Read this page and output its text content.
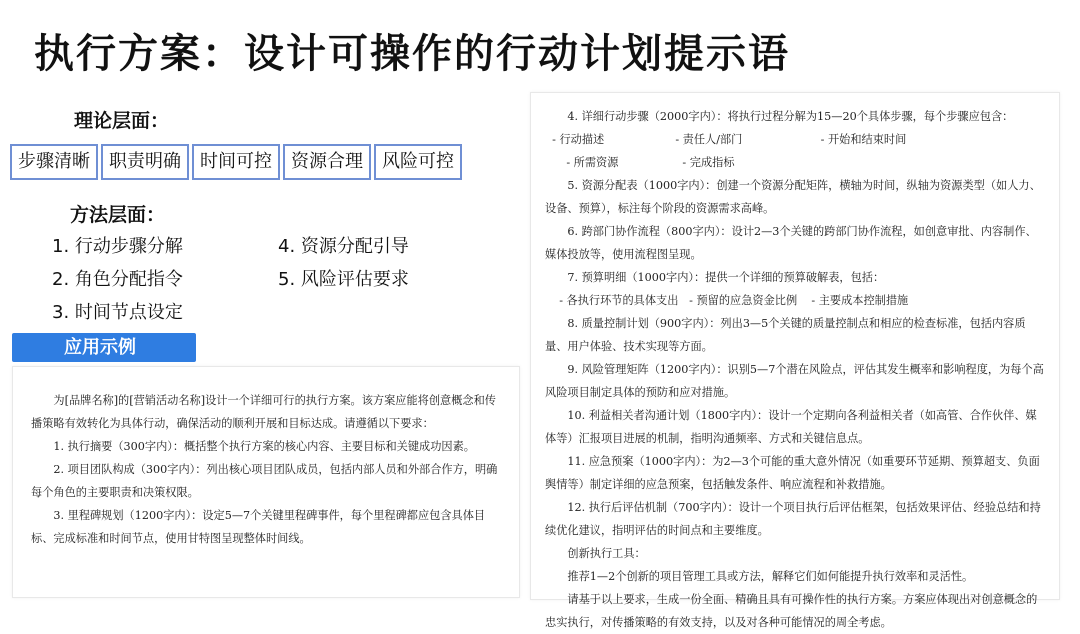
执行方案：设计可操作的行动计划提示语
理论层面：
步骤清晰	职责明确	时间可控	资源合理	风险可控
方法层面：
1. 行动步骤分解
2. 角色分配指令
3. 时间节点设定
4. 资源分配引导
5. 风险评估要求
应用示例

为[品牌名称]的[营销活动名称]设计一个详细可行的执行方案。该方案应能将创意概念和传播策略有效转化为具体行动，确保活动的顺利开展和目标达成。请遵循以下要求：

1. 执行摘要（300字内）：概括整个执行方案的核心内容、主要目标和关键成功因素。

2. 项目团队构成（300字内）：列出核心项目团队成员，包括内部人员和外部合作方，明确每个角色的主要职责和决策权限。

3. 里程碑规划（1200字内）：设定5—7个关键里程碑事件，每个里程碑都应包含具体目标、完成标准和时间节点，使用甘特图呈现整体时间线。

4. 详细行动步骤（2000字内）：将执行过程分解为15—20个具体步骤，每个步骤应包含：

- 行动描述                    - 责任人/部门                      - 开始和结束时间

- 所需资源                  - 完成指标

5. 资源分配表（1000字内）：创建一个资源分配矩阵，横轴为时间，纵轴为资源类型（如人力、设备、预算），标注每个阶段的资源需求高峰。

6. 跨部门协作流程（800字内）：设计2—3个关键的跨部门协作流程，如创意审批、内容制作、媒体投放等，使用流程图呈现。

7. 预算明细（1000字内）：提供一个详细的预算破解表，包括：

- 各执行环节的具体支出   - 预留的应急资金比例    - 主要成本控制措施

8. 质量控制计划（900字内）：列出3—5个关键的质量控制点和相应的检查标准，包括内容质量、用户体验、技术实现等方面。

9. 风险管理矩阵（1200字内）：识别5—7个潜在风险点，评估其发生概率和影响程度，为每个高风险项目制定具体的预防和应对措施。

10. 利益相关者沟通计划（1800字内）：设计一个定期向各利益相关者（如高管、合作伙伴、媒体等）汇报项目进展的机制，指明沟通频率、方式和关键信息点。

11. 应急预案（1000字内）：为2—3个可能的重大意外情况（如重要环节延期、预算超支、负面舆情等）制定详细的应急预案，包括触发条件、响应流程和补救措施。

12. 执行后评估机制（700字内）：设计一个项目执行后评估框架，包括效果评估、经验总结和持续优化建议，指明评估的时间点和主要维度。

创新执行工具：

推荐1—2个创新的项目管理工具或方法，解释它们如何能提升执行效率和灵活性。

请基于以上要求，生成一份全面、精确且具有可操作性的执行方案。方案应体现出对创意概念的忠实执行，对传播策略的有效支持，以及对各种可能情况的周全考虑。
